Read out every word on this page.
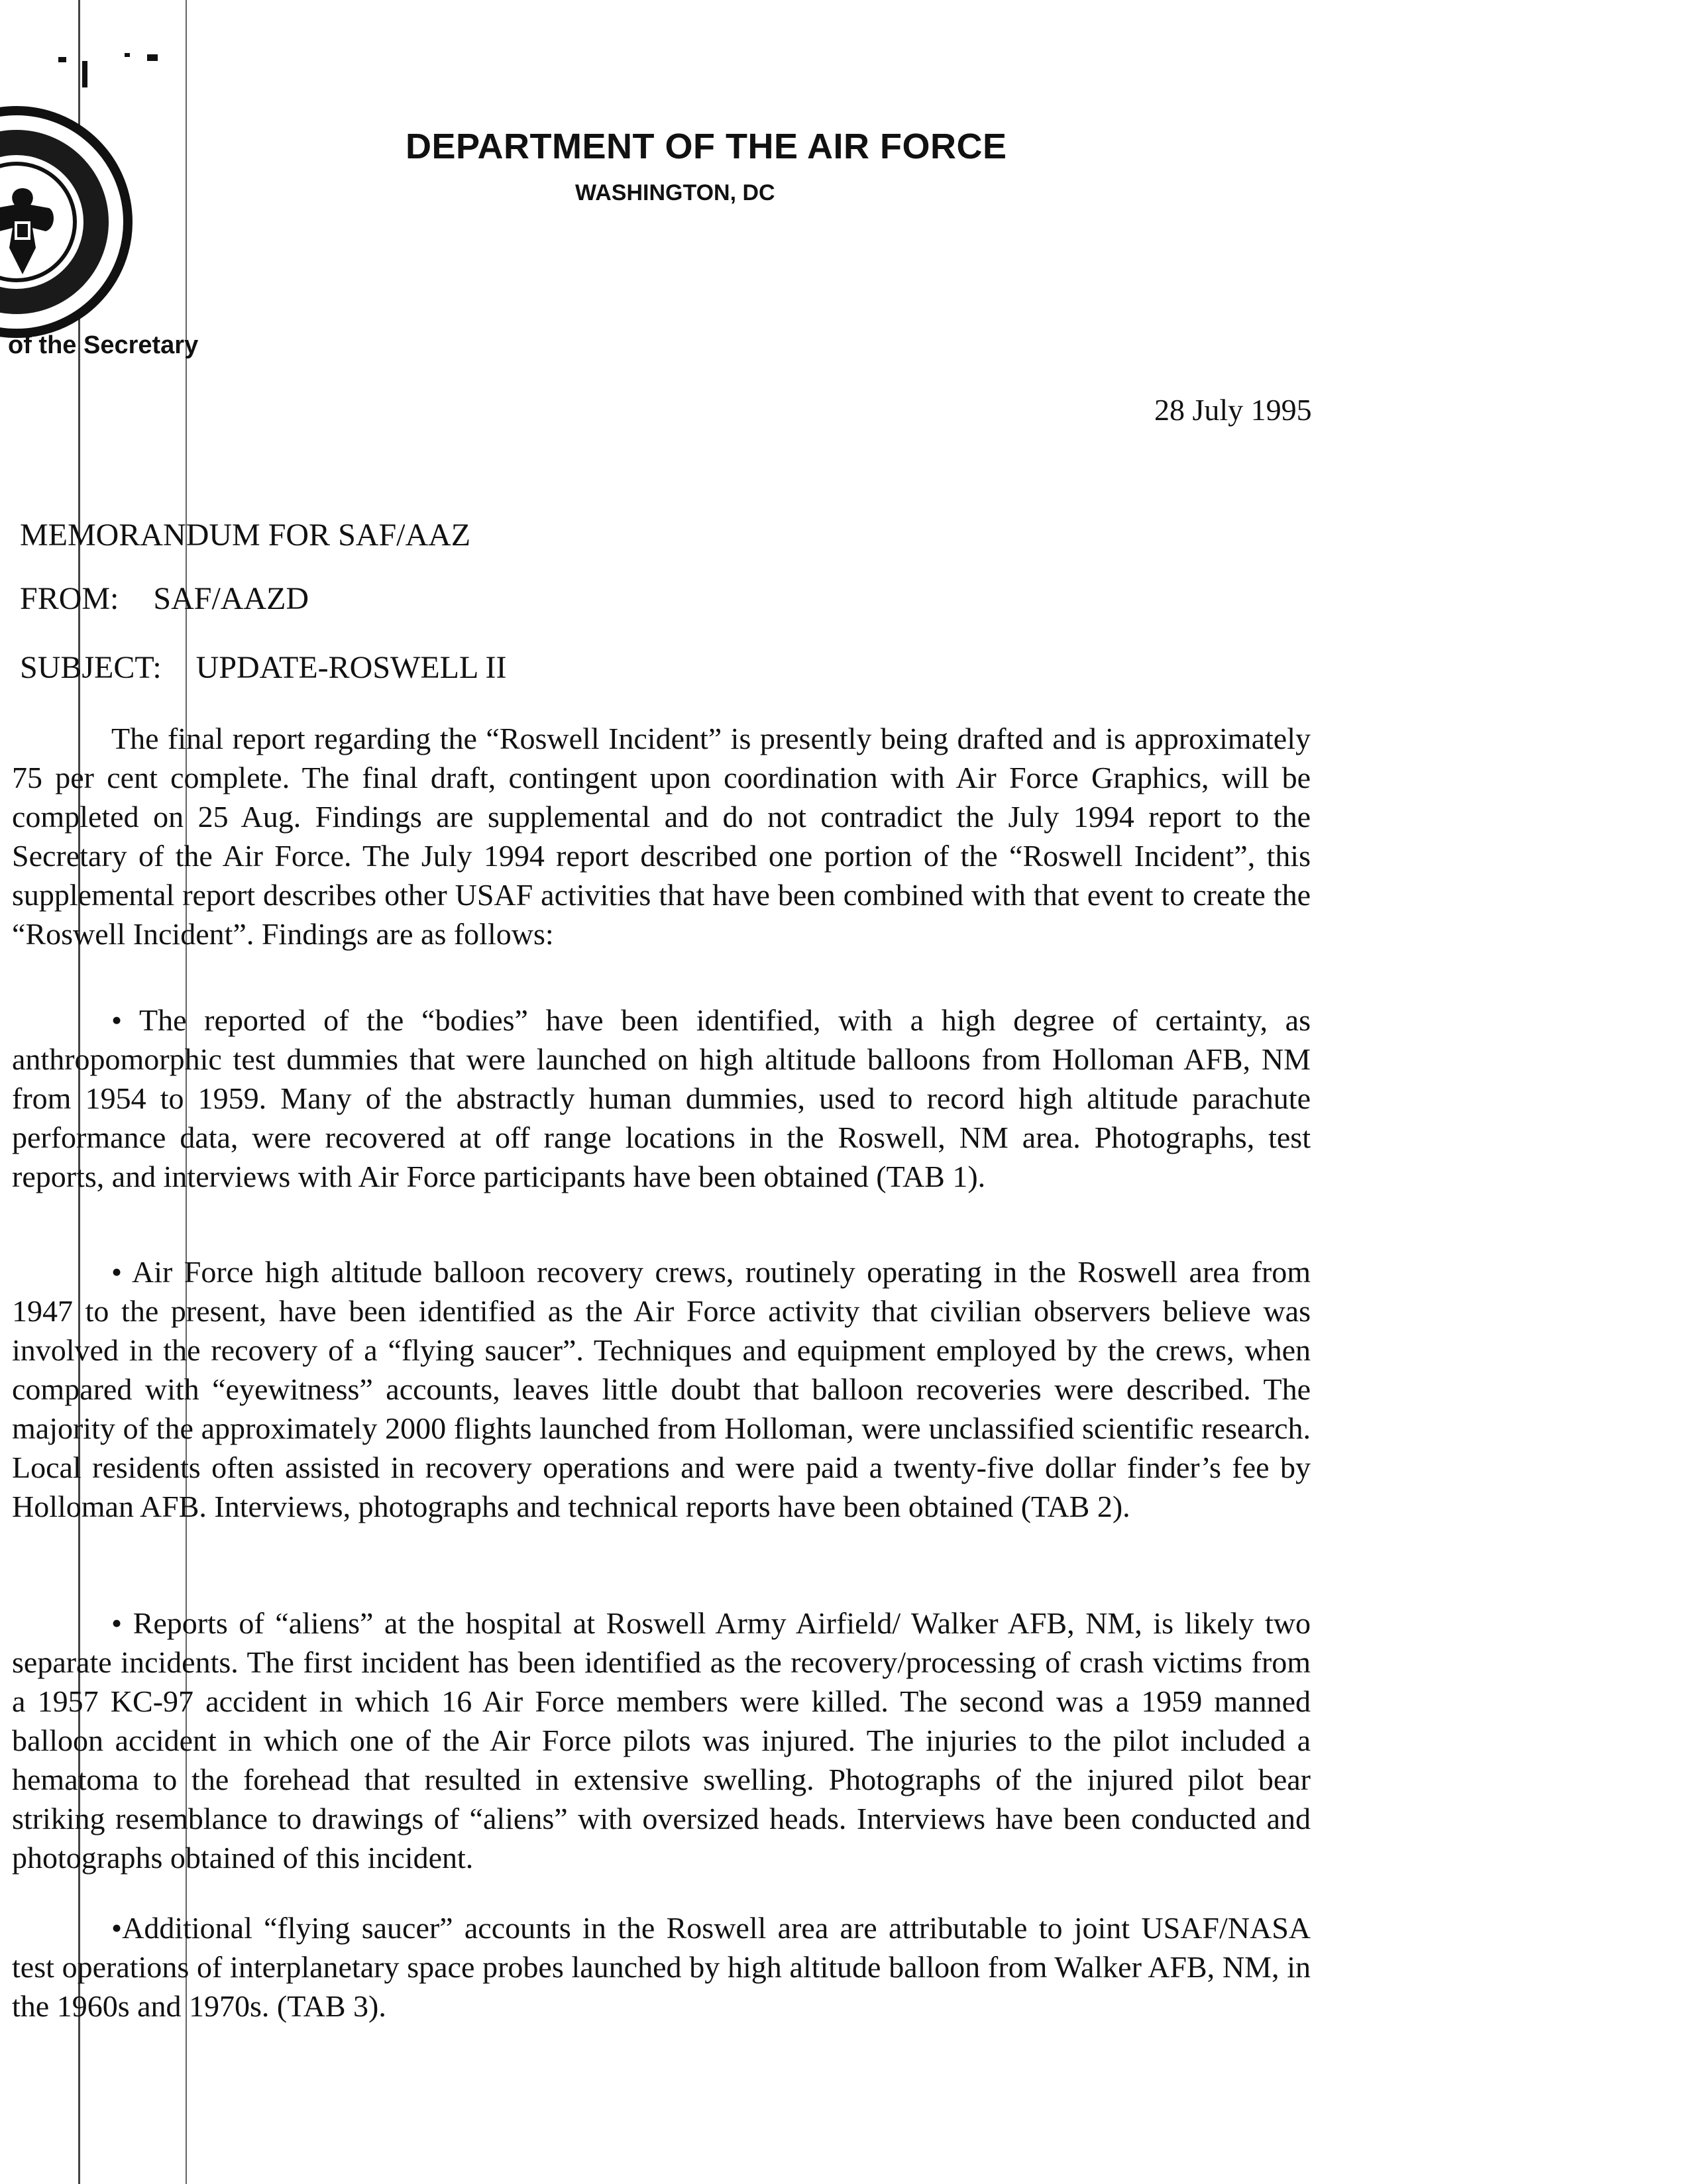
of the Secretary
DEPARTMENT OF THE AIR FORCE
WASHINGTON, DC
28 July 1995
MEMORANDUM FOR SAF/AAZ
FROM: SAF/AAZD
SUBJECT: UPDATE-ROSWELL II
The final report regarding the “Roswell Incident” is presently being drafted and is approximately 75 per cent complete. The final draft, contingent upon coordination with Air Force Graphics, will be completed on 25 Aug. Findings are supplemental and do not contradict the July 1994 report to the Secretary of the Air Force. The July 1994 report described one portion of the “Roswell Incident”, this supplemental report describes other USAF activities that have been combined with that event to create the “Roswell Incident”. Findings are as follows:
• The reported of the “bodies” have been identified, with a high degree of certainty, as anthropomorphic test dummies that were launched on high altitude balloons from Holloman AFB, NM from 1954 to 1959. Many of the abstractly human dummies, used to record high altitude parachute performance data, were recovered at off range locations in the Roswell, NM area. Photographs, test reports, and interviews with Air Force participants have been obtained (TAB 1).
• Air Force high altitude balloon recovery crews, routinely operating in the Roswell area from 1947 to the present, have been identified as the Air Force activity that civilian observers believe was involved in the recovery of a “flying saucer”. Techniques and equipment employed by the crews, when compared with “eyewitness” accounts, leaves little doubt that balloon recoveries were described. The majority of the approximately 2000 flights launched from Holloman, were unclassified scientific research. Local residents often assisted in recovery operations and were paid a twenty-five dollar finder’s fee by Holloman AFB. Interviews, photographs and technical reports have been obtained (TAB 2).
• Reports of “aliens” at the hospital at Roswell Army Airfield/ Walker AFB, NM, is likely two separate incidents. The first incident has been identified as the recovery/processing of crash victims from a 1957 KC-97 accident in which 16 Air Force members were killed. The second was a 1959 manned balloon accident in which one of the Air Force pilots was injured. The injuries to the pilot included a hematoma to the forehead that resulted in extensive swelling. Photographs of the injured pilot bear striking resemblance to drawings of “aliens” with oversized heads. Interviews have been conducted and photographs obtained of this incident.
•Additional “flying saucer” accounts in the Roswell area are attributable to joint USAF/NASA test operations of interplanetary space probes launched by high altitude balloon from Walker AFB, NM, in the 1960s and 1970s. (TAB 3).
